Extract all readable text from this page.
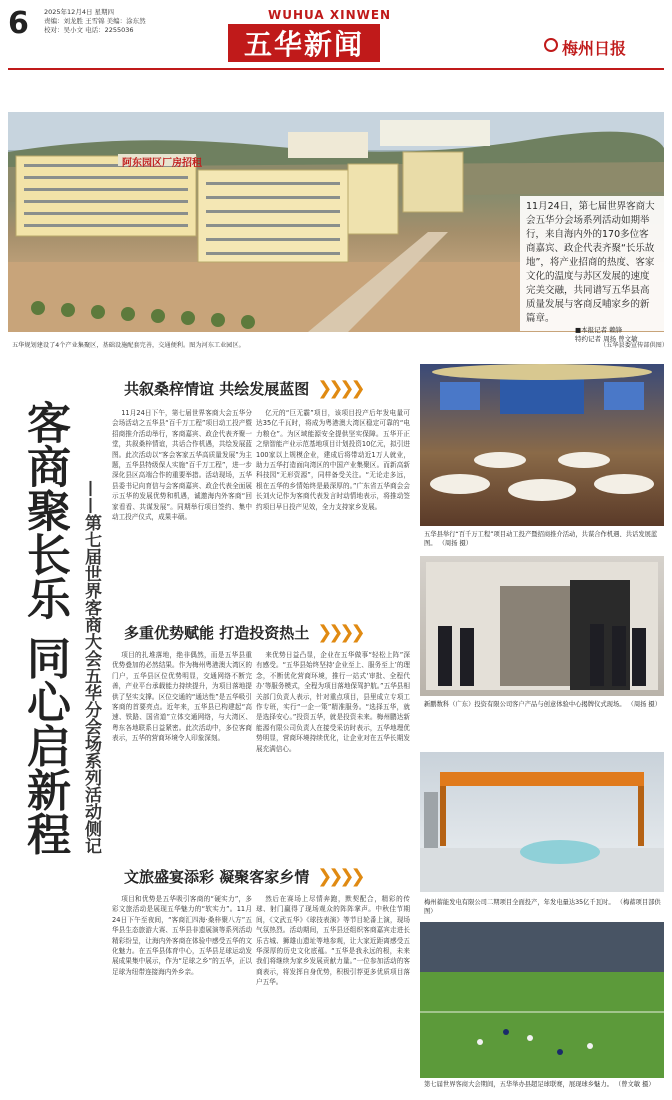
6 2025年12月4日 星期四
责编：刘龙胜 王雪锦 美编：涂东然
校对：吴小文 电话：2255036
WUHUA XINWEN
五华新闻	梅州日报
阿东园区厂房招租
11月24日，第七届世界客商大会五华分会场系列活动如期举行，来自海内外的170多位客商嘉宾、政企代表齐聚“长乐故地”，将产业招商的热度、客家文化的温度与苏区发展的速度完美交融，共同谱写五华县高质量发展与客商反哺家乡的新篇章。
■本报记者 赖锋
特约记者 周扬 曾文敏
五华规划建设了4个产业集聚区，基础设施配套完善，交通便利。图为河东工业园区。	（五华县委宣传部供图）
客商聚长乐 同心启新程 ——第七届世界客商大会五华分会场系列活动侧记
共叙桑梓情谊 共绘发展蓝图 ❯❯❯❯
11月24日下午，第七届世界客商大会五华分会场活动之五华县“百千万工程”项目动工投产暨招商推介活动举行，客商嘉宾、政企代表齐聚一堂，共叙桑梓情谊，共话合作机遇，共绘发展蓝图。此次活动以“客会客家五华高质量发展”为主题，五华县特级保人实施“百千万工程”，进一步深化县区高端合作的重要举措。活动现场，五华县委书记向育信与会客商嘉宾、政企代表全面展示五华的发展优势和机遇，诚邀海内外客商“回家看看、共谋发展”。同期举行项目签约、集中动工投产仪式，成果丰硕。
亿元的“巨无霸”项目，该项目投产后年发电量可达35亿千瓦时，将成为粤港澳大湾区稳定可靠的“电力粮仓”。为区域能源安全提供坚实保障。五华开正之鼎智能产业示范基地项目计划投资10亿元，拟引进100家以上规模企业，建成后将带动近1万人就业，助力五华打造面向湾区的中国产业集聚区。而新高新科技园“无形资源”，同样备受关注。“无论走多远，根在五华的乡情始终是最深厚的。”广东省五华商会会长刘火记作为客商代表发言时动情地表示，将推动签约项目早日投产见效，全力支持家乡发展。
多重优势赋能 打造投资热土 ❯❯❯❯
项目的扎堆落地，绝非偶然，而是五华县重优势叠加的必然结果。作为梅州粤港澳大湾区的门户，五华县区位优势明显，交通网络不断完善，产业平台承载能力持续提升，为项目落地提供了坚实支撑。区位交通的“通达性”是五华吸引客商的首要亮点。近年来，五华县已构建起“高速、铁路、国省道”立体交通网络，与大湾区、粤东各地联系日益紧密。此次活动中，多位客商表示，五华的营商环境令人印象深刻。
来优势日益凸显，企业在五华做事“轻松上阵”深有感受。“五华县始终坚持‘企业至上、服务至上’的理念，不断优化营商环境，推行一站式‘审批、全程代办’等服务模式，全程为项目落地保驾护航。”五华县相关部门负责人表示，针对重点项目，县里成立专项工作专班，实行“一企一策”精准服务。“选择五华，就是选择安心。”投资五华，就是投资未来。梅州鹏达新能源有限公司负责人在接受采访时表示，五华地理优势明显，营商环境持续优化，让企业对在五华长期发展充满信心。
文旅盛宴添彩 凝聚客家乡情 ❯❯❯❯
项目和优势是五华吸引客商的“硬实力”，多彩文旅活动是展现五华魅力的“软实力”。11月24日下午至夜间，“客商汇四海·桑梓聚八方”五华县生态旅游大赛、五华县非遗展演等系列活动精彩纷呈，让海内外客商在体验中感受五华的文化魅力。在五华县体育中心，五华县足球运动发展成果集中展示，作为“足球之乡”的五华，正以足球为纽带连接海内外乡亲。
然后在赛场上尽情奔跑，默契配合，精彩的传球、射门赢得了现场观众的阵阵掌声。中秋佳节期间，《文武五华》《球技表演》等节目轮番上演，现场气氛热烈。活动期间，五华县还组织客商嘉宾走进长乐古城、狮雄山遗址等地参观，让大家近距离感受五华深厚的历史文化底蕴。“五华是我永远的根，未来我们将继续为家乡发展贡献力量。”一位参加活动的客商表示，将发挥自身优势，积极引荐更多优质项目落户五华。
五华县举行“百千万工程”项目动工投产暨招商推介活动，共谋合作机遇、共话发展蓝图。 （周扬 摄）
新鹏数科（广东）投资有限公司客户产品与创意体验中心揭牌仪式现场。 （周扬 摄）
梅州蓄能发电有限公司二期项目全面投产，年发电量达35亿千瓦时。 （梅蓄项目部供图）
第七届世界客商大会期间，五华举办县超足球联赛，展现球乡魅力。 （曾文敏 摄）
